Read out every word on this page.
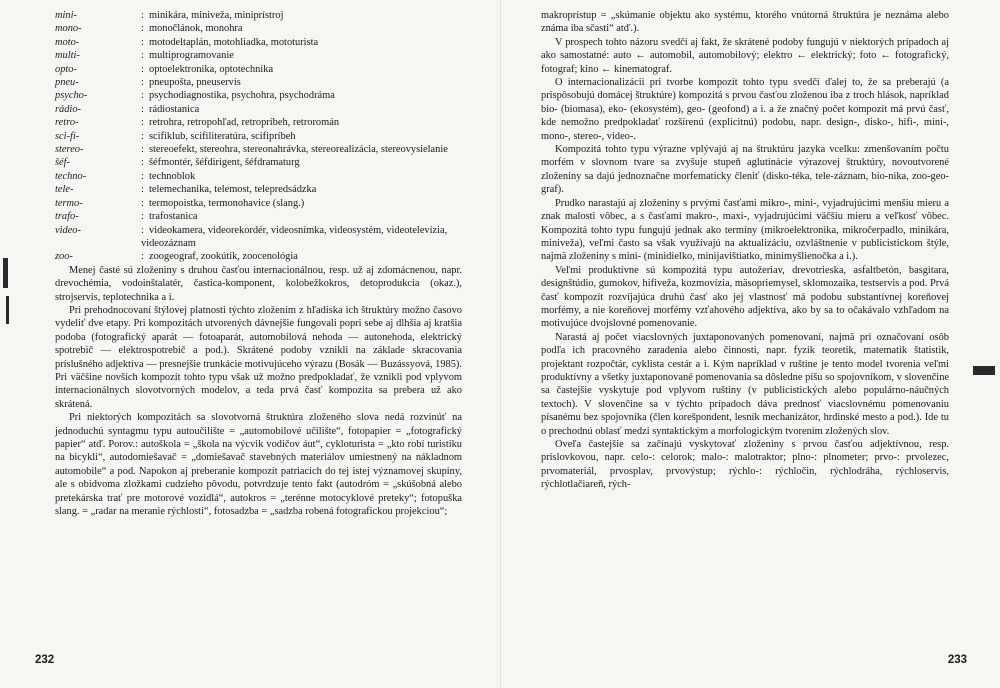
mini-	: minikára, miniveža, miniprístroj
mono-	: monočlánok, monohra
moto-	: motodeltaplán, motohliadka, mototurista
multi-	: multiprogramovanie
opto-	: optoelektronika, optotechnika
pneu-	: pneupošta, pneuservis
psycho-	: psychodiagnostika, psychohra, psychodráma
rádio-	: rádiostanica
retro-	: retrohra, retropohľad, retropríbeh, retroromán
sci-fi-	: scifiklub, scifiliteratúra, scifipríbeh
stereo-	: stereoefekt, stereohra, stereonahrávka, stereorealizácia, stereovysielanie
šéf-	: šéfmontér, šéfdirigent, šéfdramaturg
techno-	: technoblok
tele-	: telemechanika, telemost, telepredsádzka
termo-	: termopoistka, termonohavice (slang.)
trafo-	: trafostanica
video-	: videokamera, videorekordér, videosnímka, videosystém, videotelevízia, videozáznam
zoo-	: zoogeograf, zookútik, zoocenológia

Menej časté sú zloženiny s druhou časťou internacionálnou, resp. už aj zdomácnenou, napr. drevochémia, vodoinštalatér, častica-komponent, kolobežkokros, detoprodukcia (okaz.), strojservis, teplotechnika a i.

Pri prehodnocovaní štýlovej platnosti týchto zložením z hľadiska ich štruktúry možno časovo vydeliť dve etapy. Pri kompozitách utvorených dávnejšie fungovali popri sebe aj dlhšia aj kratšia podoba (fotografický aparát — fotoaparát, automobilová nehoda — autonehoda, elektrický spotrebič — elektrospotrebič a pod.). Skrátené podoby vznikli na základe skracovania príslušného adjektíva — presnejšie trunkácie motivujúceho výrazu (Bosák — Buzássyová, 1985). Pri väčšine novších kompozít tohto typu však už možno predpokladať, že vznikli pod vplyvom internacionálnych slovotvorných modelov, a teda prvá časť kompozita sa prebera už ako skrátená.

Pri niektorých kompozitách sa slovotvorná štruktúra zloženého slova nedá rozvinúť na jednoduchú syntagmu typu autoučilište = „automobilové učilište“, fotopapier = „fotografický papier“ atď. Porov.: autoškola = „škola na výcvik vodičov áut“, cykloturista = „kto robí turistiku na bicykli“, autodomiešavač = „domiešavač stavebných materiálov umiestnený na nákladnom automobile“ a pod. Napokon aj preberanie kompozít patriacich do tej istej významovej skupiny, ale s obidvoma zložkami cudzieho pôvodu, potvrdzuje tento fakt (autodróm = „skúšobná alebo pretekárska trať pre motorové vozidlá“, autokros = „terénne motocyklové preteky“; fotopuška slang. = „radar na meranie rýchlosti“, fotosadzba = „sadzba robená fotografickou projekciou“;

232

makroprístup = „skúmanie objektu ako systému, ktorého vnútorná štruktúra je neznáma alebo známa iba sčasti“ atď.).

V prospech tohto názoru svedčí aj fakt, že skrátené podoby fungujú v niektorých prípadoch aj ako samostatné: auto ← automobil, automobilový; elektro ← elektrický; foto ← fotografický, fotograf; kino ← kinematograf.

O internacionalizácii pri tvorbe kompozít tohto typu svedčí ďalej to, že sa preberajú (a prispôsobujú domácej štruktúre) kompozitá s prvou časťou zloženou iba z troch hlások, napríklad bio- (biomasa), eko- (ekosystém), geo- (geofond) a i. a že značný počet kompozít má prvú časť, kde nemožno predpokladať rozšírenú (explicitnú) podobu, napr. design-, disko-, hifi-, mini-, mono-, stereo-, video-.

Kompozitá tohto typu výrazne vplývajú aj na štruktúru jazyka vcelku: zmenšovaním počtu morfém v slovnom tvare sa zvyšuje stupeň aglutinácie výrazovej štruktúry, novoutvorené zloženiny sa dajú jednoznačne morfematicky členiť (disko-téka, tele-záznam, bio-nika, zoo-geo-graf).

Prudko narastajú aj zloženiny s prvými časťami mikro-, mini-, vyjadrujúcimi menšiu mieru a znak malosti vôbec, a s časťami makro-, maxi-, vyjadrujúcimi väčšiu mieru a veľkosť vôbec. Kompozitá tohto typu fungujú jednak ako termíny (mikroelektronika, mikročerpadlo, minikára, miniveža), veľmi často sa však využívajú na aktualizáciu, ozvláštnenie v publicistickom štýle, najmä zloženiny s mini- (minidielko, minijavištiatko, minimyšlienočka a i.).

Veľmi produktívne sú kompozitá typu autožeriav, drevotrieska, asfaltbetón, basgitara, designštúdio, gumokov, hifiveža, kozmovízia, mäsopriemysel, sklomozaika, testservis a pod. Prvá časť kompozít rozvíjajúca druhú časť ako jej vlastnosť má podobu substantívnej koreňovej morfémy, a nie koreňovej morfémy vzťahového adjektíva, ako by sa to očakávalo vzhľadom na motivujúce dvojslovné pomenovanie.

Narastá aj počet viacslovných juxtaponovaných pomenovaní, najmä pri označovaní osôb podľa ich pracovného zaradenia alebo činnosti, napr. fyzik teoretik, matematik štatistik, projektant rozpočtár, cyklista cestár a i. Kým napríklad v ruštine je tento model tvorenia veľmi produktívny a všetky juxtaponované pomenovania sa dôsledne píšu so spojovníkom, v slovenčine sa častejšie vyskytuje pod vplyvom ruštiny (v publicistických alebo populárno-náučných textoch). V slovenčine sa v týchto prípadoch dáva prednosť viacslovnému pomenovaniu písanému bez spojovníka (člen korešpondent, lesník mechanizátor, hrdinské mesto a pod.). Ide tu o prechodnú oblasť medzi syntaktickým a morfologickým tvorením zložených slov.

Oveľa častejšie sa začínajú vyskytovať zloženiny s prvou časťou adjektívnou, resp. príslovkovou, napr. celo-: celorok; malo-: malotraktor; plno-: plnometer; prvo-: prvolezec, prvomateriál, prvosplav, prvovýstup; rýchlo-: rýchločin, rýchlodráha, rýchloservis, rýchlotlačiareň, rých-

233
